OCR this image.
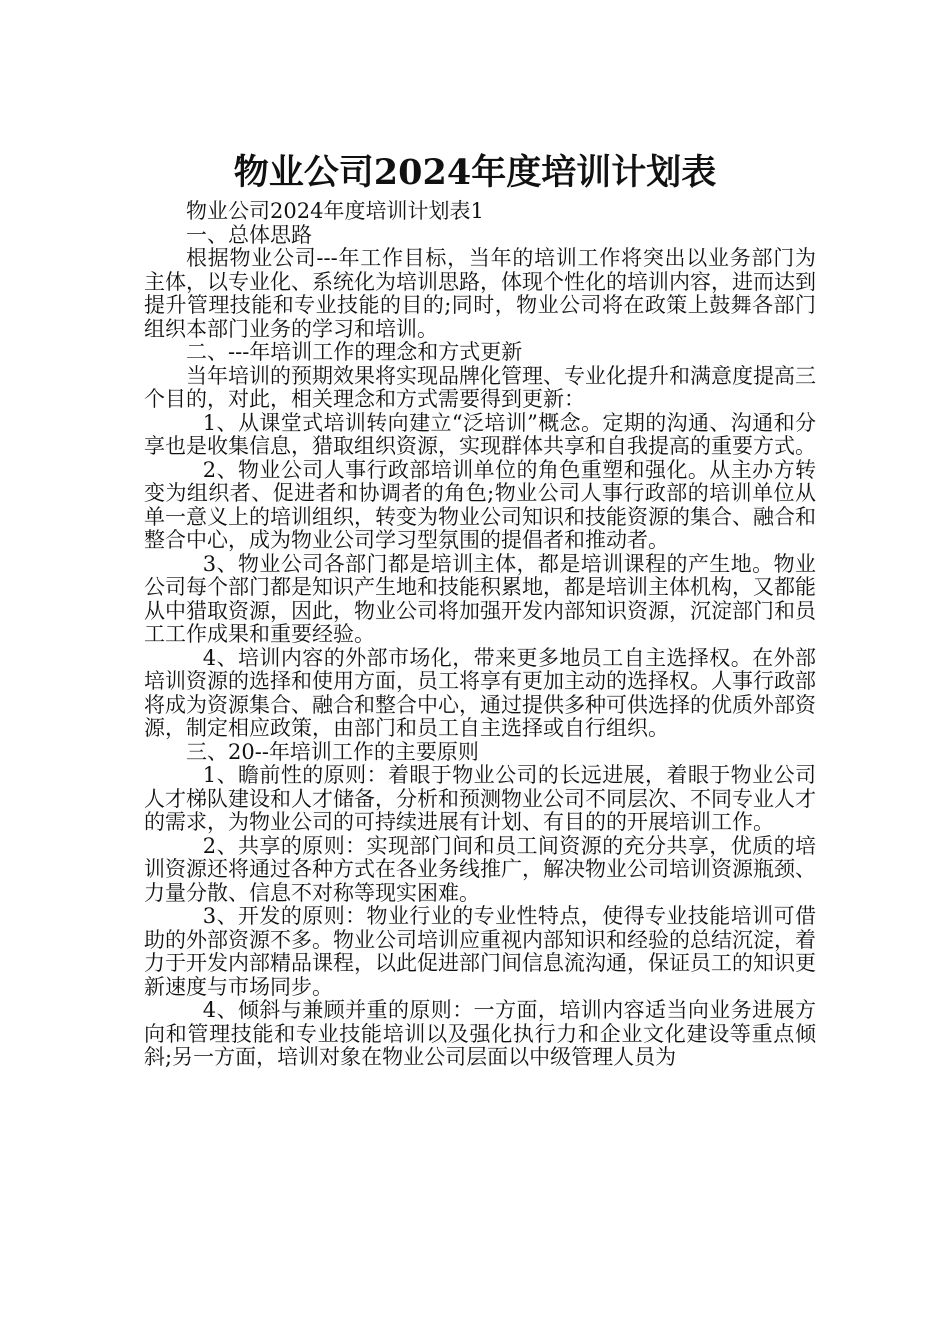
物业公司2024年度培训计划表

物业公司2024年度培训计划表1

一、总体思路

根据物业公司---年工作目标，当年的培训工作将突出以业务部门为主体，以专业化、系统化为培训思路，体现个性化的培训内容，进而达到提升管理技能和专业技能的目的;同时，物业公司将在政策上鼓舞各部门组织本部门业务的学习和培训。

二、---年培训工作的理念和方式更新

当年培训的预期效果将实现品牌化管理、专业化提升和满意度提高三个目的，对此，相关理念和方式需要得到更新：

1、从课堂式培训转向建立“泛培训”概念。定期的沟通、沟通和分享也是收集信息，猎取组织资源，实现群体共享和自我提高的重要方式。

2、物业公司人事行政部培训单位的角色重塑和强化。从主办方转变为组织者、促进者和协调者的角色;物业公司人事行政部的培训单位从单一意义上的培训组织，转变为物业公司知识和技能资源的集合、融合和整合中心，成为物业公司学习型氛围的提倡者和推动者。

3、物业公司各部门都是培训主体，都是培训课程的产生地。物业公司每个部门都是知识产生地和技能积累地，都是培训主体机构，又都能从中猎取资源，因此，物业公司将加强开发内部知识资源，沉淀部门和员工工作成果和重要经验。

4、培训内容的外部市场化，带来更多地员工自主选择权。在外部培训资源的选择和使用方面，员工将享有更加主动的选择权。人事行政部将成为资源集合、融合和整合中心，通过提供多种可供选择的优质外部资源，制定相应政策，由部门和员工自主选择或自行组织。

三、20--年培训工作的主要原则

1、瞻前性的原则：着眼于物业公司的长远进展，着眼于物业公司人才梯队建设和人才储备，分析和预测物业公司不同层次、不同专业人才的需求，为物业公司的可持续进展有计划、有目的的开展培训工作。

2、共享的原则：实现部门间和员工间资源的充分共享，优质的培训资源还将通过各种方式在各业务线推广，解决物业公司培训资源瓶颈、力量分散、信息不对称等现实困难。

3、开发的原则：物业行业的专业性特点，使得专业技能培训可借助的外部资源不多。物业公司培训应重视内部知识和经验的总结沉淀，着力于开发内部精品课程，以此促进部门间信息流沟通，保证员工的知识更新速度与市场同步。

4、倾斜与兼顾并重的原则：一方面，培训内容适当向业务进展方向和管理技能和专业技能培训以及强化执行力和企业文化建设等重点倾斜;另一方面，培训对象在物业公司层面以中级管理人员为
